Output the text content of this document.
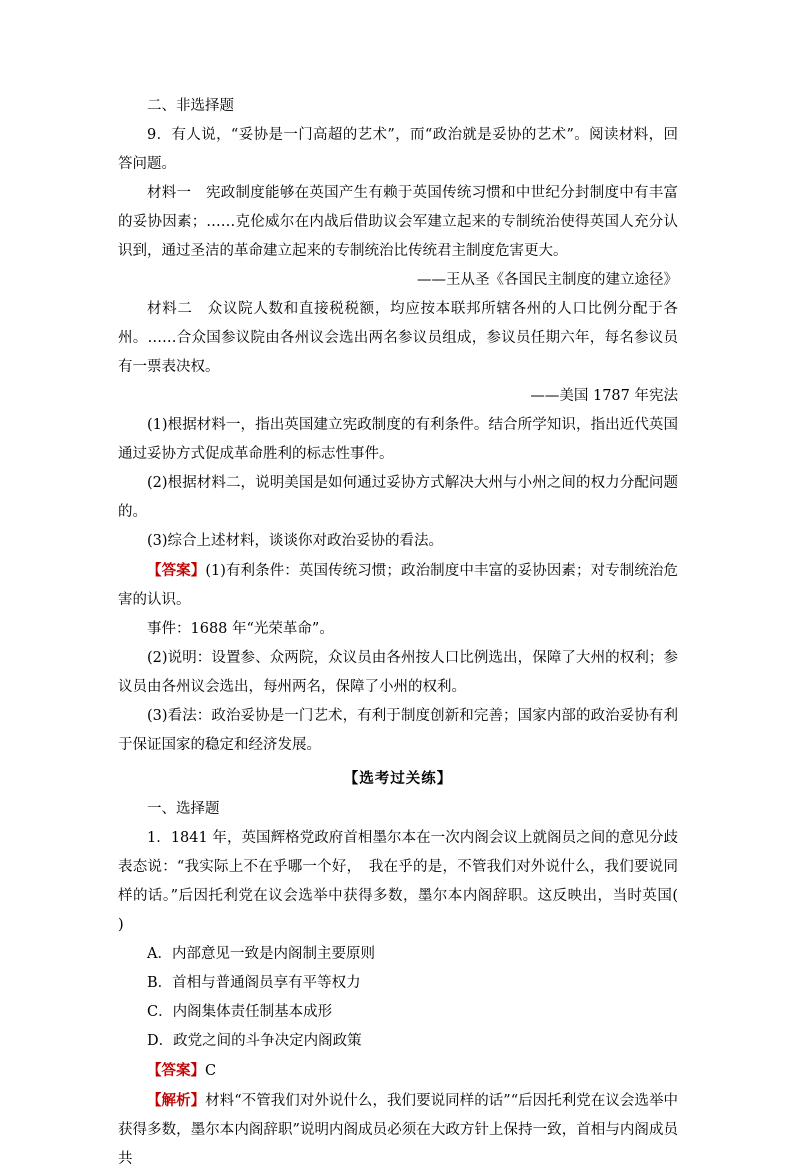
二、非选择题

9．有人说，“妥协是一门高超的艺术”，而“政治就是妥协的艺术”。阅读材料，回答问题。

材料一　宪政制度能够在英国产生有赖于英国传统习惯和中世纪分封制度中有丰富的妥协因素；……克伦威尔在内战后借助议会军建立起来的专制统治使得英国人充分认识到，通过圣洁的革命建立起来的专制统治比传统君主制度危害更大。

——王从圣《各国民主制度的建立途径》

材料二　众议院人数和直接税税额，均应按本联邦所辖各州的人口比例分配于各州。……合众国参议院由各州议会选出两名参议员组成，参议员任期六年，每名参议员有一票表决权。

——美国 1787 年宪法

(1)根据材料一，指出英国建立宪政制度的有利条件。结合所学知识，指出近代英国通过妥协方式促成革命胜利的标志性事件。

(2)根据材料二，说明美国是如何通过妥协方式解决大州与小州之间的权力分配问题的。

(3)综合上述材料，谈谈你对政治妥协的看法。

【答案】(1)有利条件：英国传统习惯；政治制度中丰富的妥协因素；对专制统治危害的认识。

事件：1688 年“光荣革命”。

(2)说明：设置参、众两院，众议员由各州按人口比例选出，保障了大州的权利；参议员由各州议会选出，每州两名，保障了小州的权利。

(3)看法：政治妥协是一门艺术，有利于制度创新和完善；国家内部的政治妥协有利于保证国家的稳定和经济发展。

【选考过关练】

一、选择题

1．1841 年，英国辉格党政府首相墨尔本在一次内阁会议上就阁员之间的意见分歧表态说：“我实际上不在乎哪一个好，　我在乎的是，不管我们对外说什么，我们要说同样的话。”后因托利党在议会选举中获得多数，墨尔本内阁辞职。这反映出，当时英国(　　)

A．内部意见一致是内阁制主要原则

B．首相与普通阁员享有平等权力

C．内阁集体责任制基本成形

D．政党之间的斗争决定内阁政策

【答案】C

【解析】材料“不管我们对外说什么，我们要说同样的话”“后因托利党在议会选举中获得多数，墨尔本内阁辞职”说明内阁成员必须在大政方针上保持一致，首相与内阁成员共
